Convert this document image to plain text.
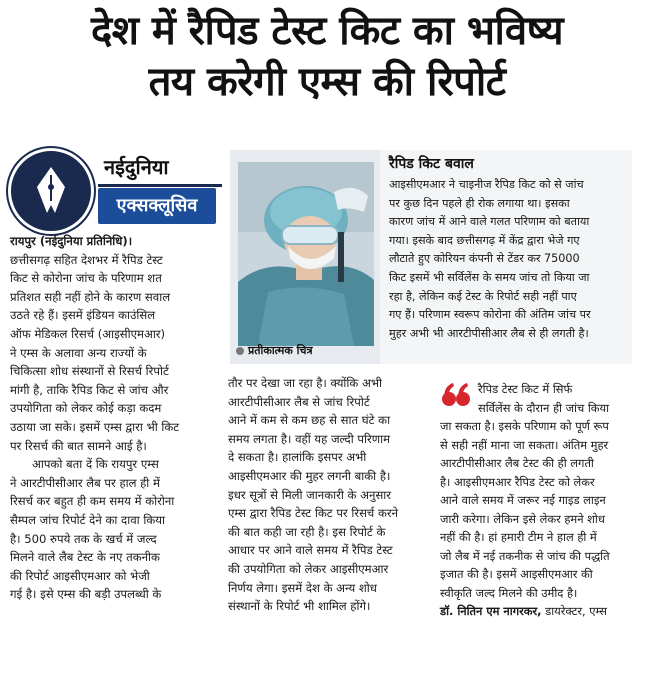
देश में रैपिड टेस्ट किट का भविष्य
तय करेगी एम्स की रिपोर्ट
नईदुनिया
एक्सक्लूसिव

रायपुर (नईदुनिया प्रतिनिधि)।

छत्तीसगढ़ सहित देशभर में रैपिड टेस्ट
किट से कोरोना जांच के परिणाम शत
प्रतिशत सही नहीं होने के कारण सवाल
उठते रहे हैं। इसमें इंडियन काउंसिल
ऑफ मेडिकल रिसर्च (आइसीएमआर)
ने एम्स के अलावा अन्य राज्यों के
चिकित्सा शोध संस्थानों से रिसर्च रिपोर्ट
मांगी है, ताकि रैपिड किट से जांच और
उपयोगिता को लेकर कोई कड़ा कदम
उठाया जा सके। इसमें एम्स द्वारा भी किट
पर रिसर्च की बात सामने आई है।
आपको बता दें कि रायपुर एम्स
ने आरटीपीसीआर लैब पर हाल ही में
रिसर्च कर बहुत ही कम समय में कोरोना
सैम्पल जांच रिपोर्ट देने का दावा किया
है। 500 रुपये तक के खर्च में जल्द
मिलने वाले लैब टेस्ट के नए तकनीक
की रिपोर्ट आइसीएमआर को भेजी
गई है। इसे एम्स की बड़ी उपलब्धी के
प्रतीकात्मक चित्र
रैपिड किट बवाल
आइसीएमआर ने चाइनीज रैपिड किट को से जांच
पर कुछ दिन पहले ही रोक लगाया था। इसका
कारण जांच में आने वाले गलत परिणाम को बताया
गया। इसके बाद छत्तीसगढ़ में केंद्र द्वारा भेजे गए
लौटाते हुए कोरियन कंपनी से टेंडर कर 75000
किट इसमें भी सर्विलेंस के समय जांच तो किया जा
रहा है, लेकिन कई टेस्ट के रिपोर्ट सही नहीं पाए
गए हैं। परिणाम स्वरूप कोरोना की अंतिम जांच पर
मुहर अभी भी आरटीपीसीआर लैब से ही लगती है।
तौर पर देखा जा रहा है। क्योंकि अभी
आरटीपीसीआर लैब से जांच रिपोर्ट
आने में कम से कम छह से सात घंटे का
समय लगता है। वहीं यह जल्दी परिणाम
दे सकता है। हालांकि इसपर अभी
आइसीएमआर की मुहर लगनी बाकी है।
इधर सूत्रों से मिली जानकारी के अनुसार
एम्स द्वारा रैपिड टेस्ट किट पर रिसर्च करने
की बात कही जा रही है। इस रिपोर्ट के
आधार पर आने वाले समय में रैपिड टेस्ट
की उपयोगिता को लेकर आइसीएमआर
निर्णय लेगा। इसमें देश के अन्य शोध
संस्थानों के रिपोर्ट भी शामिल होंगे।
रैपिड टेस्ट किट में सिर्फ
सर्विलेंस के दौरान ही जांच किया
जा सकता है। इसके परिणाम को पूर्ण रूप
से सही नहीं माना जा सकता। अंतिम मुहर
आरटीपीसीआर लैब टेस्ट की ही लगती
है। आइसीएमआर रैपिड टेस्ट को लेकर
आने वाले समय में जरूर नई गाइड लाइन
जारी करेगा। लेकिन इसे लेकर हमने शोध
नहीं की है। हां हमारी टीम ने हाल ही में
जो लैब में नई तकनीक से जांच की पद्धति
इजात की है। इसमें आइसीएमआर की
स्वीकृति जल्द मिलने की उमीद है।
डॉ. नितिन एम नागरकर, डायरेक्टर, एम्स
